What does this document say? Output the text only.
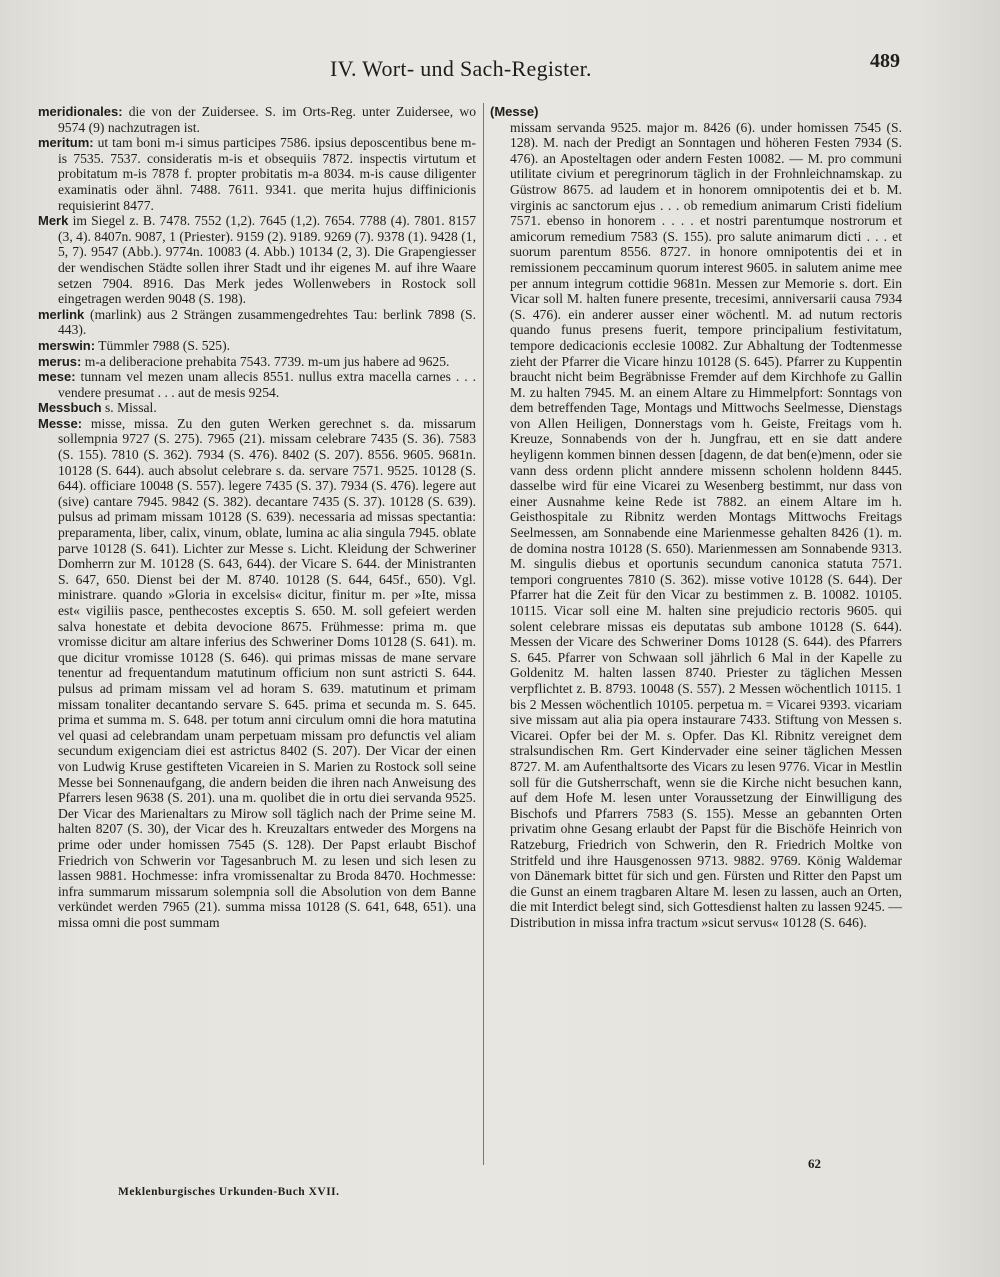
IV. Wort- und Sach-Register.	489
meridionales: die von der Zuidersee. S. im Orts-Reg. unter Zuidersee, wo 9574 (9) nachzutragen ist.
meritum: ut tam boni m-i simus participes 7586. ipsius deposcentibus bene m-is 7535. 7537. consideratis m-is et obsequiis 7872. inspectis virtutum et probitatum m-is 7878 f. propter probitatis m-a 8034. m-is cause diligenter examinatis oder ähnl. 7488. 7611. 9341. que merita hujus diffinicionis requisierint 8477.
Merk im Siegel z. B. 7478. 7552 (1,2). 7645 (1,2). 7654. 7788 (4). 7801. 8157 (3, 4). 8407n. 9087, 1 (Priester). 9159 (2). 9189. 9269 (7). 9378 (1). 9428 (1, 5, 7). 9547 (Abb.). 9774n. 10083 (4. Abb.) 10134 (2, 3). Die Grapengiesser der wendischen Städte sollen ihrer Stadt und ihr eigenes M. auf ihre Waare setzen 7904. 8916. Das Merk jedes Wollenwebers in Rostock soll eingetragen werden 9048 (S. 198).
merlink (marlink) aus 2 Strängen zusammengedrehtes Tau: berlink 7898 (S. 443).
merswin: Tümmler 7988 (S. 525).
merus: m-a deliberacione prehabita 7543. 7739. m-um jus habere ad 9625.
mese: tunnam vel mezen unam allecis 8551. nullus extra macella carnes . . . vendere presumat . . . aut de mesis 9254.
Messbuch s. Missal.
Messe: misse, missa. Zu den guten Werken gerechnet s. da. missarum sollempnia 9727 (S. 275). 7965 (21). missam celebrare 7435 (S. 36). 7583 (S. 155). 7810 (S. 362). 7934 (S. 476). 8402 (S. 207). 8556. 9605. 9681n. 10128 (S. 644). auch absolut celebrare s. da. servare 7571. 9525. 10128 (S. 644). officiare 10048 (S. 557). legere 7435 (S. 37). 7934 (S. 476). legere aut (sive) cantare 7945. 9842 (S. 382). decantare 7435 (S. 37). 10128 (S. 639). pulsus ad primam missam 10128 (S. 639). necessaria ad missas spectantia: preparamenta, liber, calix, vinum, oblate, lumina ac alia singula 7945. oblate parve 10128 (S. 641). Lichter zur Messe s. Licht. Kleidung der Schweriner Domherrn zur M. 10128 (S. 643, 644). der Vicare S. 644. der Ministranten S. 647, 650. Dienst bei der M. 8740. 10128 (S. 644, 645f., 650). Vgl. ministrare. quando »Gloria in excelsis« dicitur, finitur m. per »Ite, missa est« vigiliis pasce, penthecostes exceptis S. 650. M. soll gefeiert werden salva honestate et debita devocione 8675. Frühmesse: prima m. que vromisse dicitur am altare inferius des Schweriner Doms 10128 (S. 641). m. que dicitur vromisse 10128 (S. 646). qui primas missas de mane servare tenentur ad frequentandum matutinum officium non sunt astricti S. 644. pulsus ad primam missam vel ad horam S. 639. matutinum et primam missam tonaliter decantando servare S. 645. prima et secunda m. S. 645. prima et summa m. S. 648. per totum anni circulum omni die hora matutina vel quasi ad celebrandam unam perpetuam missam pro defunctis vel aliam secundum exigenciam diei est astrictus 8402 (S. 207). Der Vicar der einen von Ludwig Kruse gestifteten Vicareien in S. Marien zu Rostock soll seine Messe bei Sonnenaufgang, die andern beiden die ihren nach Anweisung des Pfarrers lesen 9638 (S. 201). una m. quolibet die in ortu diei servanda 9525. Der Vicar des Marienaltars zu Mirow soll täglich nach der Prime seine M. halten 8207 (S. 30), der Vicar des h. Kreuzaltars entweder des Morgens na prime oder under homissen 7545 (S. 128). Der Papst erlaubt Bischof Friedrich von Schwerin vor Tagesanbruch M. zu lesen und sich lesen zu lassen 9881. Hochmesse: infra vromissenaltar zu Broda 8470. Hochmesse: infra summarum missarum solempnia soll die Absolution von dem Banne verkündet werden 7965 (21). summa missa 10128 (S. 641, 648, 651). una missa omni die post summam
(Messe)
missam servanda 9525. major m. 8426 (6). under homissen 7545 (S. 128). M. nach der Predigt an Sonntagen und höheren Festen 7934 (S. 476). an Aposteltagen oder andern Festen 10082. — M. pro communi utilitate civium et peregrinorum täglich in der Frohnleichnamskap. zu Güstrow 8675. ad laudem et in honorem omnipotentis dei et b. M. virginis ac sanctorum ejus . . . ob remedium animarum Cristi fidelium 7571. ebenso in honorem . . . . et nostri parentumque nostrorum et amicorum remedium 7583 (S. 155). pro salute animarum dicti . . . et suorum parentum 8556. 8727. in honore omnipotentis dei et in remissionem peccaminum quorum interest 9605. in salutem anime mee per annum integrum cottidie 9681n. Messen zur Memorie s. dort. Ein Vicar soll M. halten funere presente, trecesimi, anniversarii causa 7934 (S. 476). ein anderer ausser einer wöchentl. M. ad nutum rectoris quando funus presens fuerit, tempore principalium festivitatum, tempore dedicacionis ecclesie 10082. Zur Abhaltung der Todtenmesse zieht der Pfarrer die Vicare hinzu 10128 (S. 645). Pfarrer zu Kuppentin braucht nicht beim Begräbnisse Fremder auf dem Kirchhofe zu Gallin M. zu halten 7945. M. an einem Altare zu Himmelpfort: Sonntags von dem betreffenden Tage, Montags und Mittwochs Seelmesse, Dienstags von Allen Heiligen, Donnerstags vom h. Geiste, Freitags vom h. Kreuze, Sonnabends von der h. Jungfrau, ett en sie datt andere heyligenn kommen binnen dessen [dagenn, de dat ben(e)menn, oder sie vann dess ordenn plicht anndere missenn scholenn holdenn 8445. dasselbe wird für eine Vicarei zu Wesenberg bestimmt, nur dass von einer Ausnahme keine Rede ist 7882. an einem Altare im h. Geisthospitale zu Ribnitz werden Montags Mittwochs Freitags Seelmessen, am Sonnabende eine Marienmesse gehalten 8426 (1). m. de domina nostra 10128 (S. 650). Marienmessen am Sonnabende 9313. M. singulis diebus et oportunis secundum canonica statuta 7571. tempori congruentes 7810 (S. 362). misse votive 10128 (S. 644). Der Pfarrer hat die Zeit für den Vicar zu bestimmen z. B. 10082. 10105. 10115. Vicar soll eine M. halten sine prejudicio rectoris 9605. qui solent celebrare missas eis deputatas sub ambone 10128 (S. 644). Messen der Vicare des Schweriner Doms 10128 (S. 644). des Pfarrers S. 645. Pfarrer von Schwaan soll jährlich 6 Mal in der Kapelle zu Goldenitz M. halten lassen 8740. Priester zu täglichen Messen verpflichtet z. B. 8793. 10048 (S. 557). 2 Messen wöchentlich 10115. 1 bis 2 Messen wöchentlich 10105. perpetua m. = Vicarei 9393. vicariam sive missam aut alia pia opera instaurare 7433. Stiftung von Messen s. Vicarei. Opfer bei der M. s. Opfer. Das Kl. Ribnitz vereignet dem stralsundischen Rm. Gert Kindervader eine seiner täglichen Messen 8727. M. am Aufenthaltsorte des Vicars zu lesen 9776. Vicar in Mestlin soll für die Gutsherrschaft, wenn sie die Kirche nicht besuchen kann, auf dem Hofe M. lesen unter Voraussetzung der Einwilligung des Bischofs und Pfarrers 7583 (S. 155). Messe an gebannten Orten privatim ohne Gesang erlaubt der Papst für die Bischöfe Heinrich von Ratzeburg, Friedrich von Schwerin, den R. Friedrich Moltke von Stritfeld und ihre Hausgenossen 9713. 9882. 9769. König Waldemar von Dänemark bittet für sich und gen. Fürsten und Ritter den Papst um die Gunst an einem tragbaren Altare M. lesen zu lassen, auch an Orten, die mit Interdict belegt sind, sich Gottesdienst halten zu lassen 9245. — Distribution in missa infra tractum »sicut servus« 10128 (S. 646).
62
Meklenburgisches Urkunden-Buch XVII.
